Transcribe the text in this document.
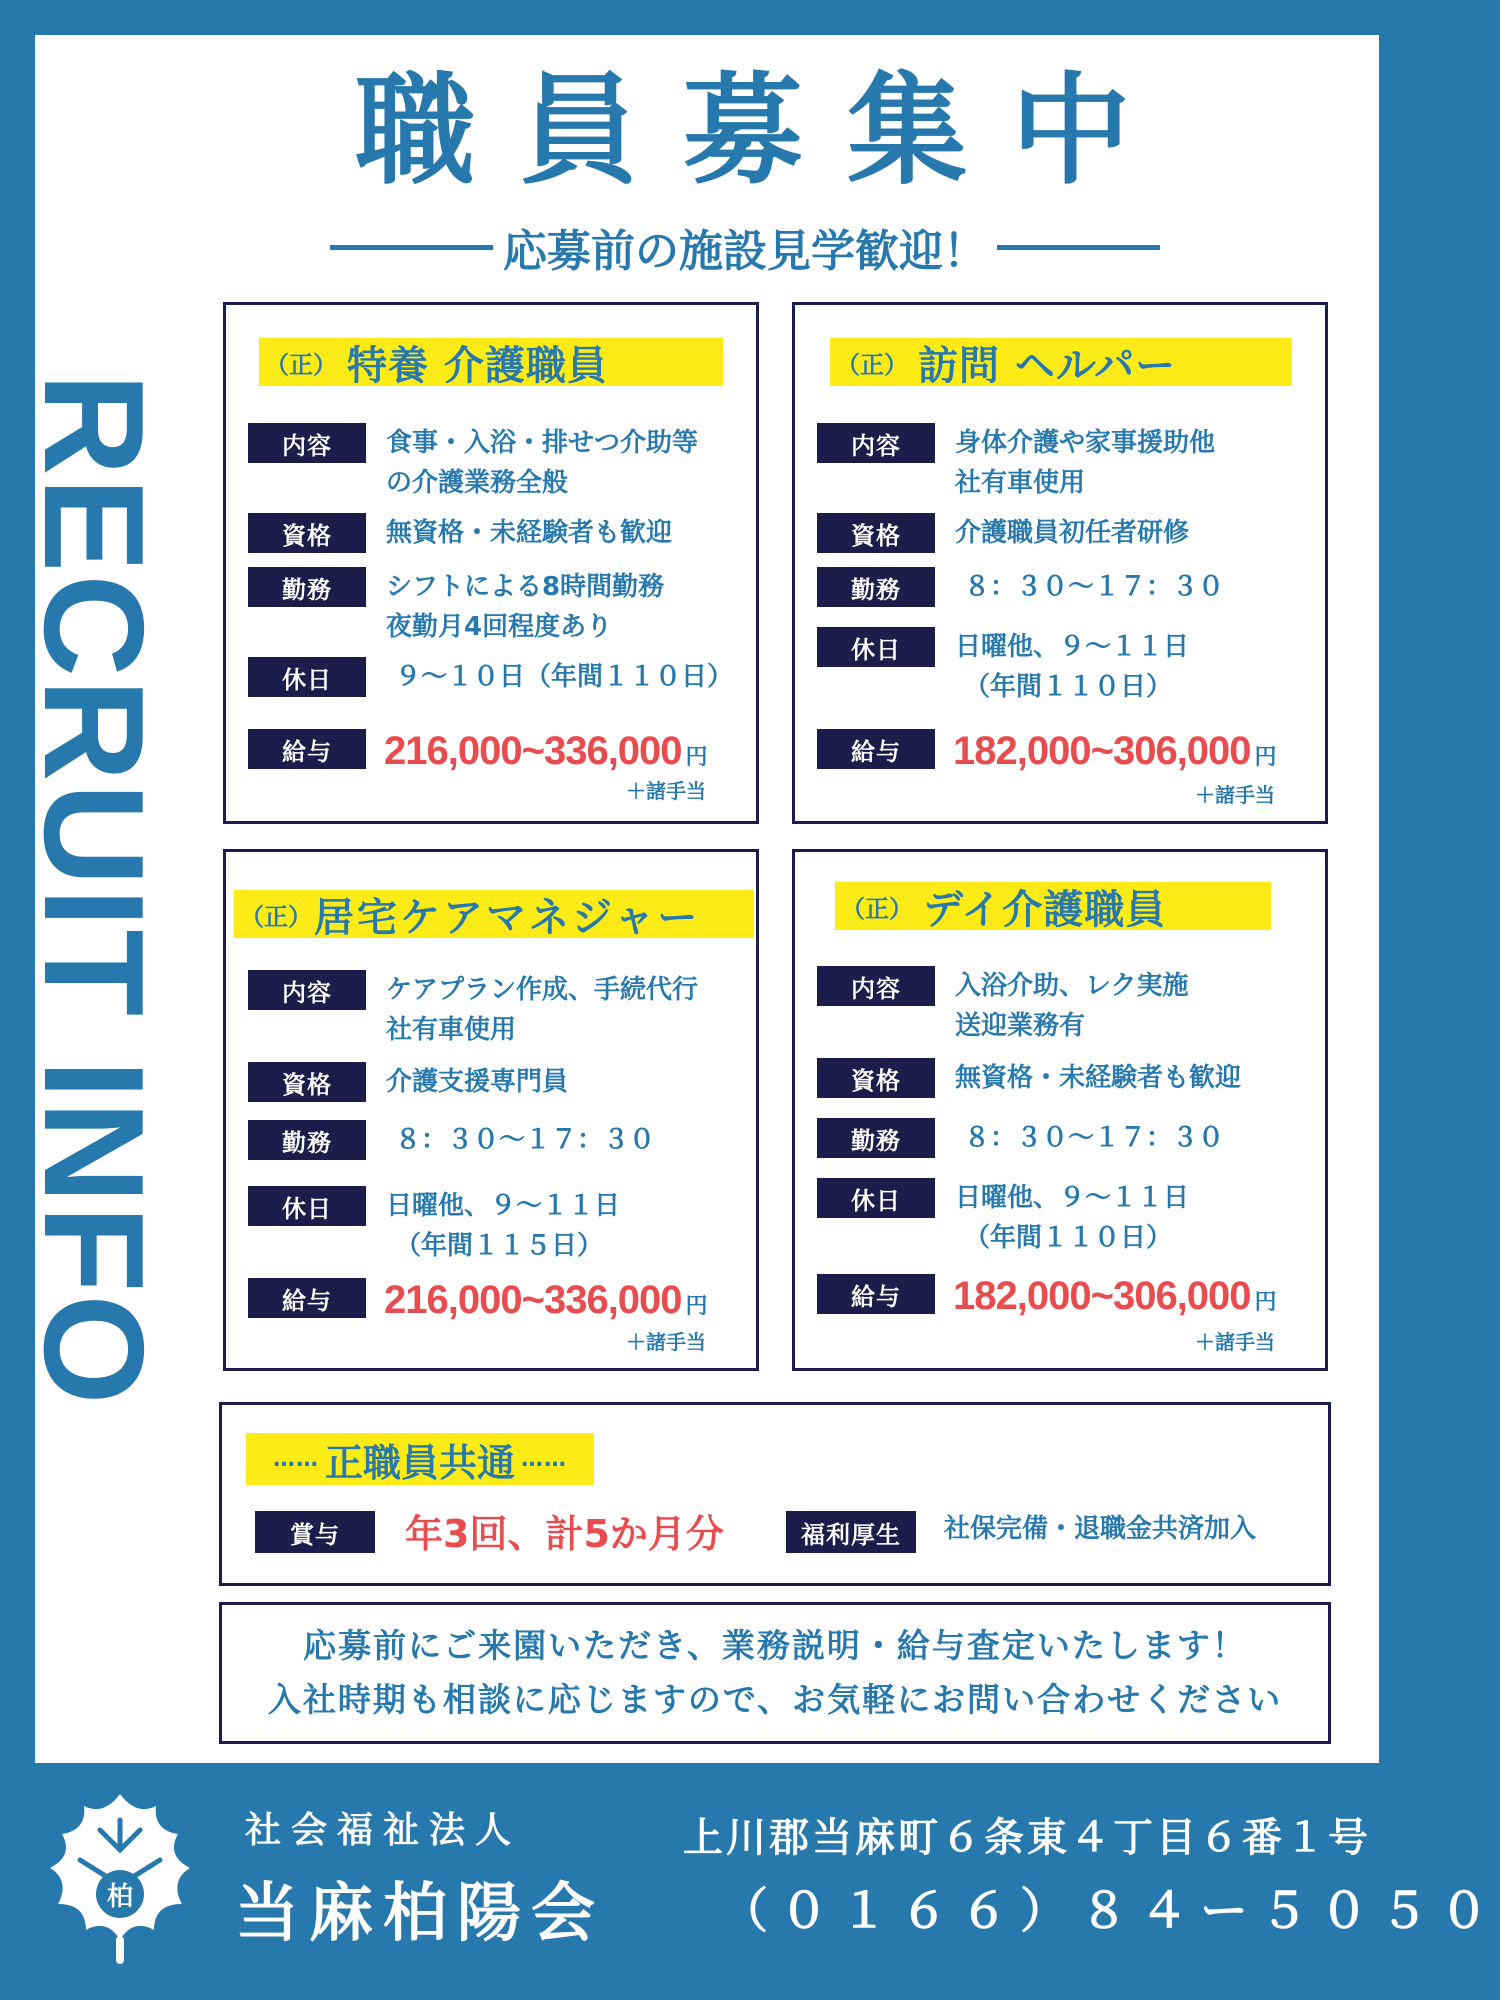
RECRUIT INFO
職員募集中
応募前の施設見学歓迎！
（正） 特養 介護職員
内容	食事・入浴・排せつ介助等
の介護業務全般
資格	無資格・未経験者も歓迎
勤務	シフトによる8時間勤務
夜勤月4回程度あり
休日	９～１０日（年間１１０日）
給与	216,000~336,000 円
＋諸手当
（正） 訪問 ヘルパー
内容	身体介護や家事援助他
社有車使用
資格	介護職員初任者研修
勤務	８：３０～１７：３０
休日	日曜他、９～１１日
（年間１１０日）
給与	182,000~306,000 円
＋諸手当
（正） 居宅ケアマネジャー
内容	ケアプラン作成、手続代行
社有車使用
資格	介護支援専門員
勤務	８：３０～１７：３０
休日	日曜他、９～１１日
（年間１１５日）
給与	216,000~336,000 円
＋諸手当
（正） デイ介護職員
内容	入浴介助、レク実施
送迎業務有
資格	無資格・未経験者も歓迎
勤務	８：３０～１７：３０
休日	日曜他、９～１１日
（年間１１０日）
給与	182,000~306,000 円
＋諸手当
…… 正職員共通 ……
賞与	年3回、計5か月分	福利厚生	社保完備・退職金共済加入
応募前にご来園いただき、業務説明・給与査定いたします！
入社時期も相談に応じますので、お気軽にお問い合わせください
柏
社会福祉法人
当麻柏陽会
上川郡当麻町６条東４丁目６番１号
（０１６６）８４ー５０５０
